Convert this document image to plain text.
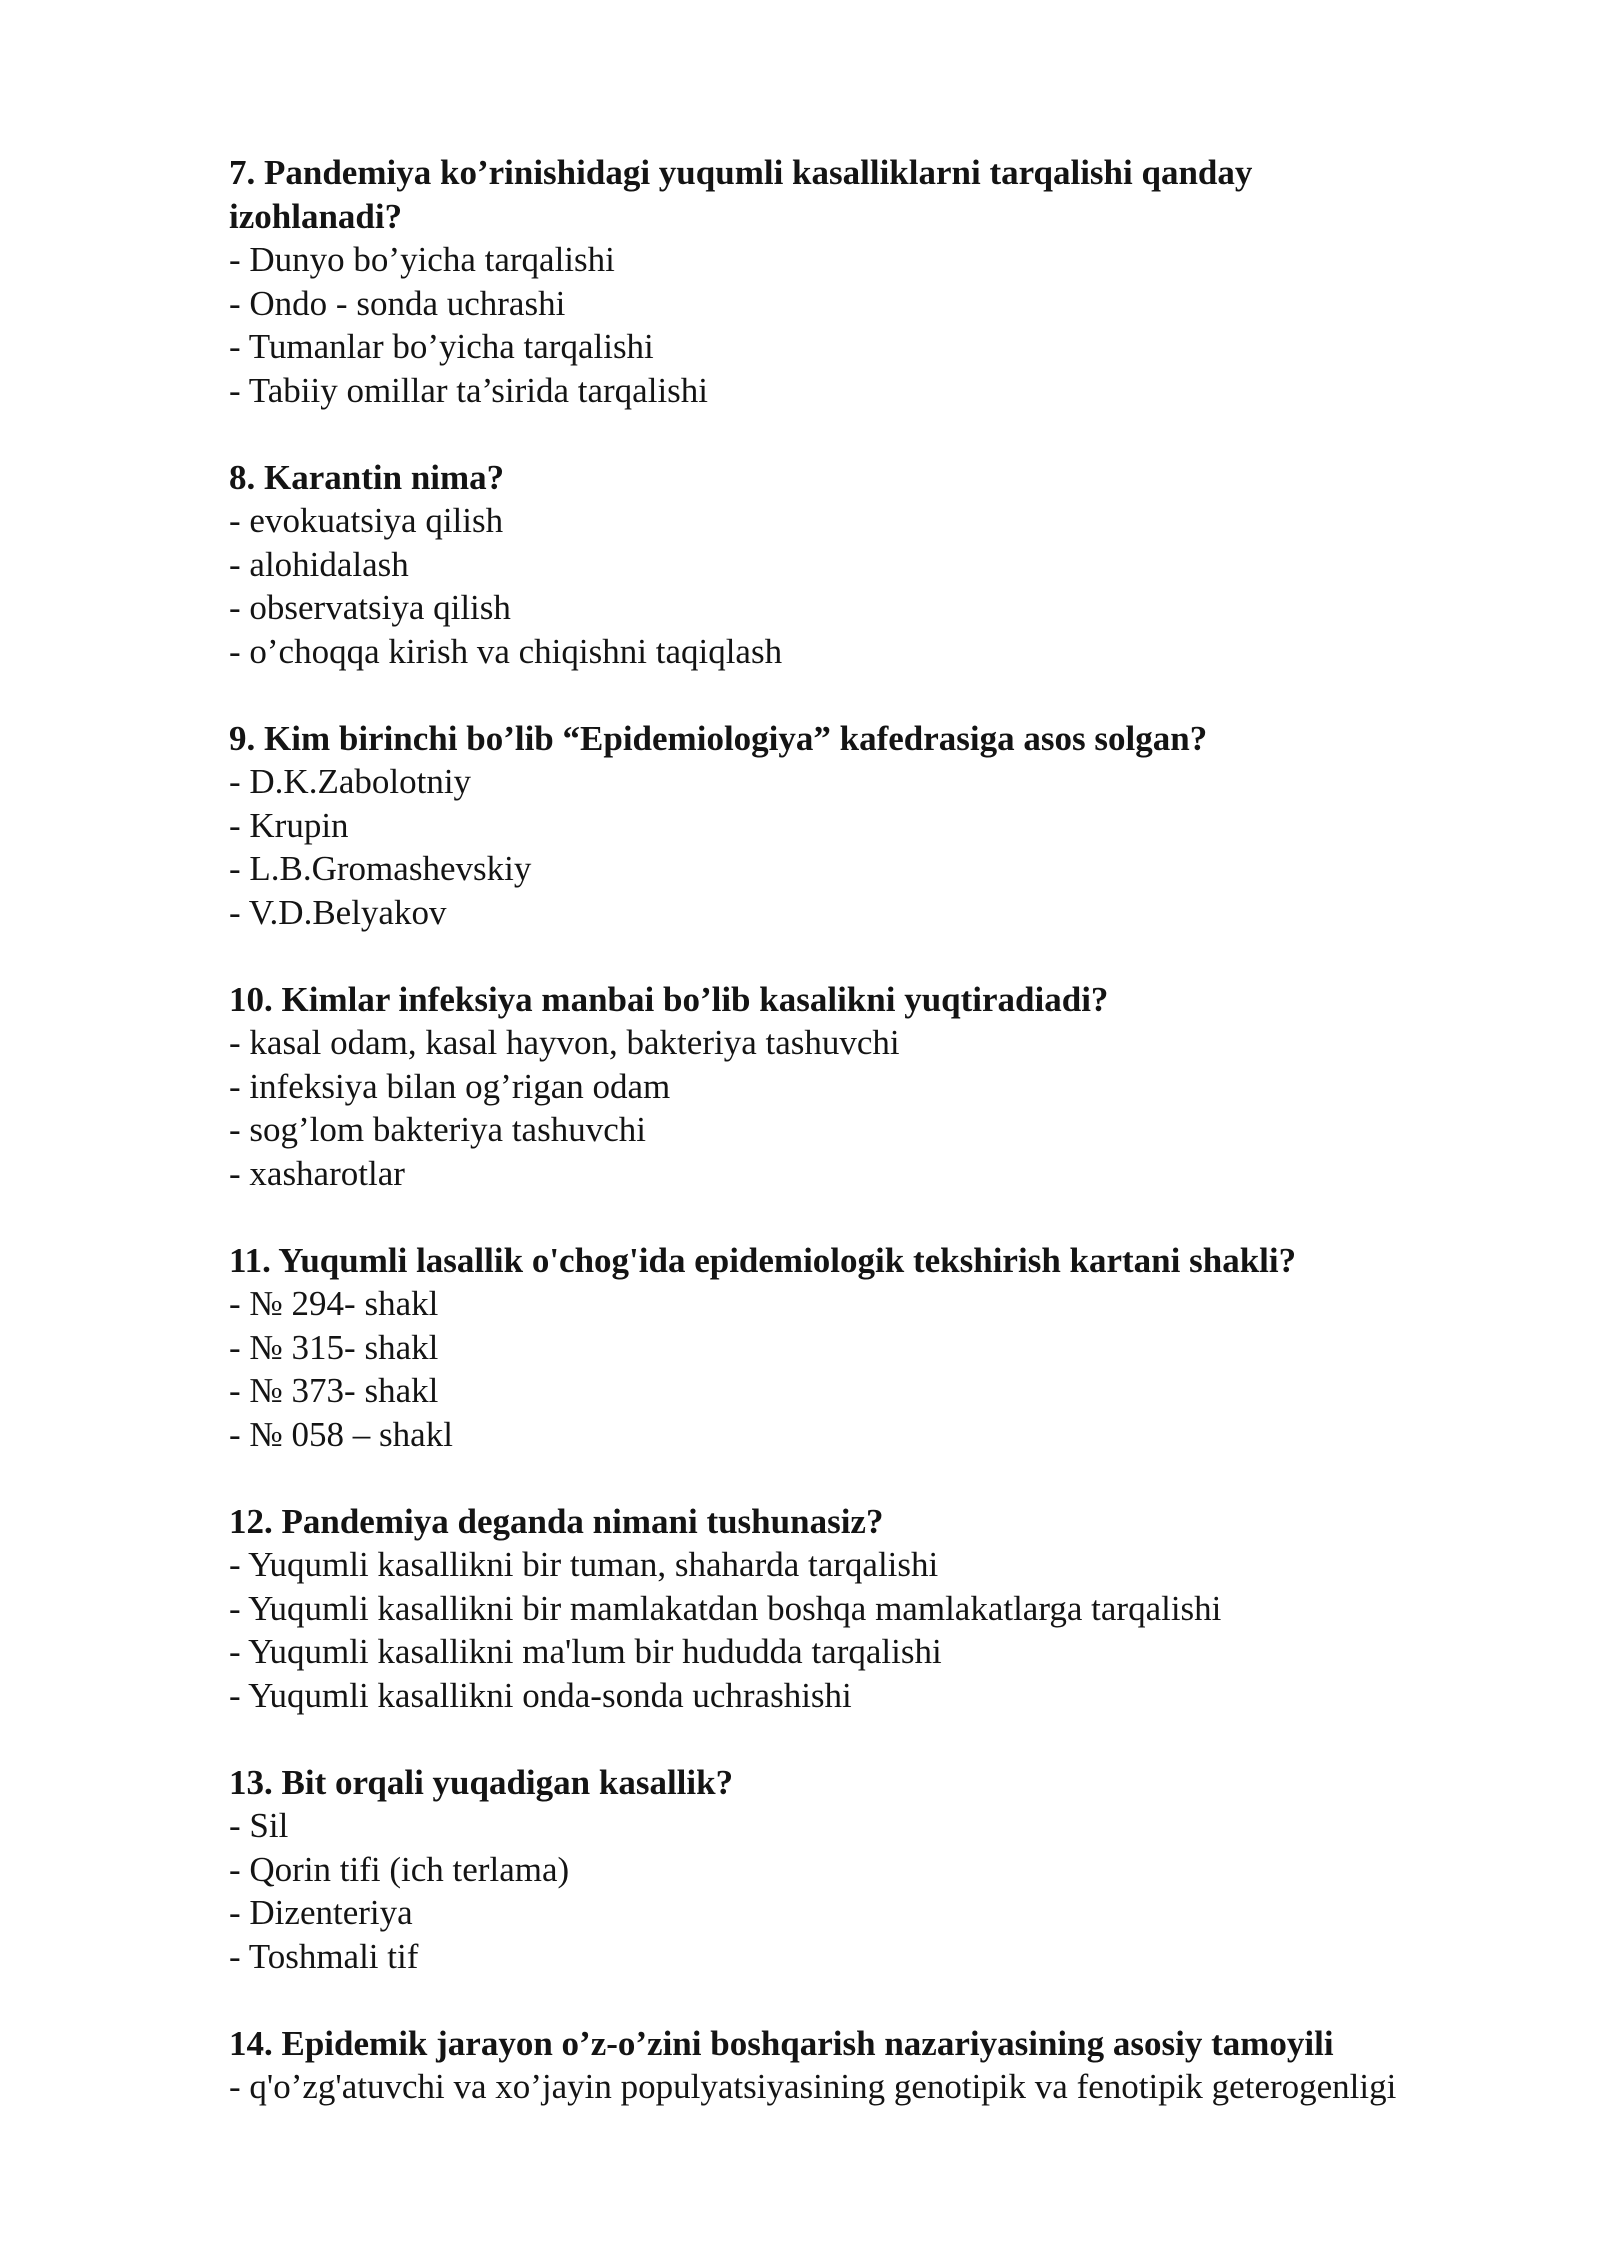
7. Pandemiya ko’rinishidagi yuqumli kasalliklarni tarqalishi qanday

izohlanadi?

- Dunyo bo’yicha tarqalishi

- Ondo - sonda uchrashi

- Tumanlar bo’yicha tarqalishi

- Tabiiy omillar ta’sirida tarqalishi

8. Karantin nima?

- evokuatsiya qilish

- alohidalash

- observatsiya qilish

- o’choqqa kirish va chiqishni taqiqlash

9. Kim birinchi bo’lib “Epidemiologiya” kafedrasiga asos solgan?

- D.K.Zabolotniy

- Krupin

- L.B.Gromashevskiy

- V.D.Belyakov

10. Kimlar infeksiya manbai bo’lib kasalikni yuqtiradiadi?

- kasal odam, kasal hayvon, bakteriya tashuvchi

- infeksiya bilan og’rigan odam

- sog’lom bakteriya tashuvchi

- xasharotlar

11. Yuqumli lasallik o'chog'ida epidemiologik tekshirish kartani shakli?

- № 294- shakl

- № 315- shakl

- № 373- shakl

- № 058 – shakl

12. Pandemiya deganda nimani tushunasiz?

- Yuqumli kasallikni bir tuman, shaharda tarqalishi

- Yuqumli kasallikni bir mamlakatdan boshqa mamlakatlarga tarqalishi

- Yuqumli kasallikni ma'lum bir hududda tarqalishi

- Yuqumli kasallikni onda-sonda uchrashishi

13. Bit orqali yuqadigan kasallik?

- Sil

- Qorin tifi (ich terlama)

- Dizenteriya

- Toshmali tif

14. Epidemik jarayon o’z-o’zini boshqarish nazariyasining asosiy tamoyili

- q'o’zg'atuvchi va xo’jayin populyatsiyasining genotipik va fenotipik geterogenligi
